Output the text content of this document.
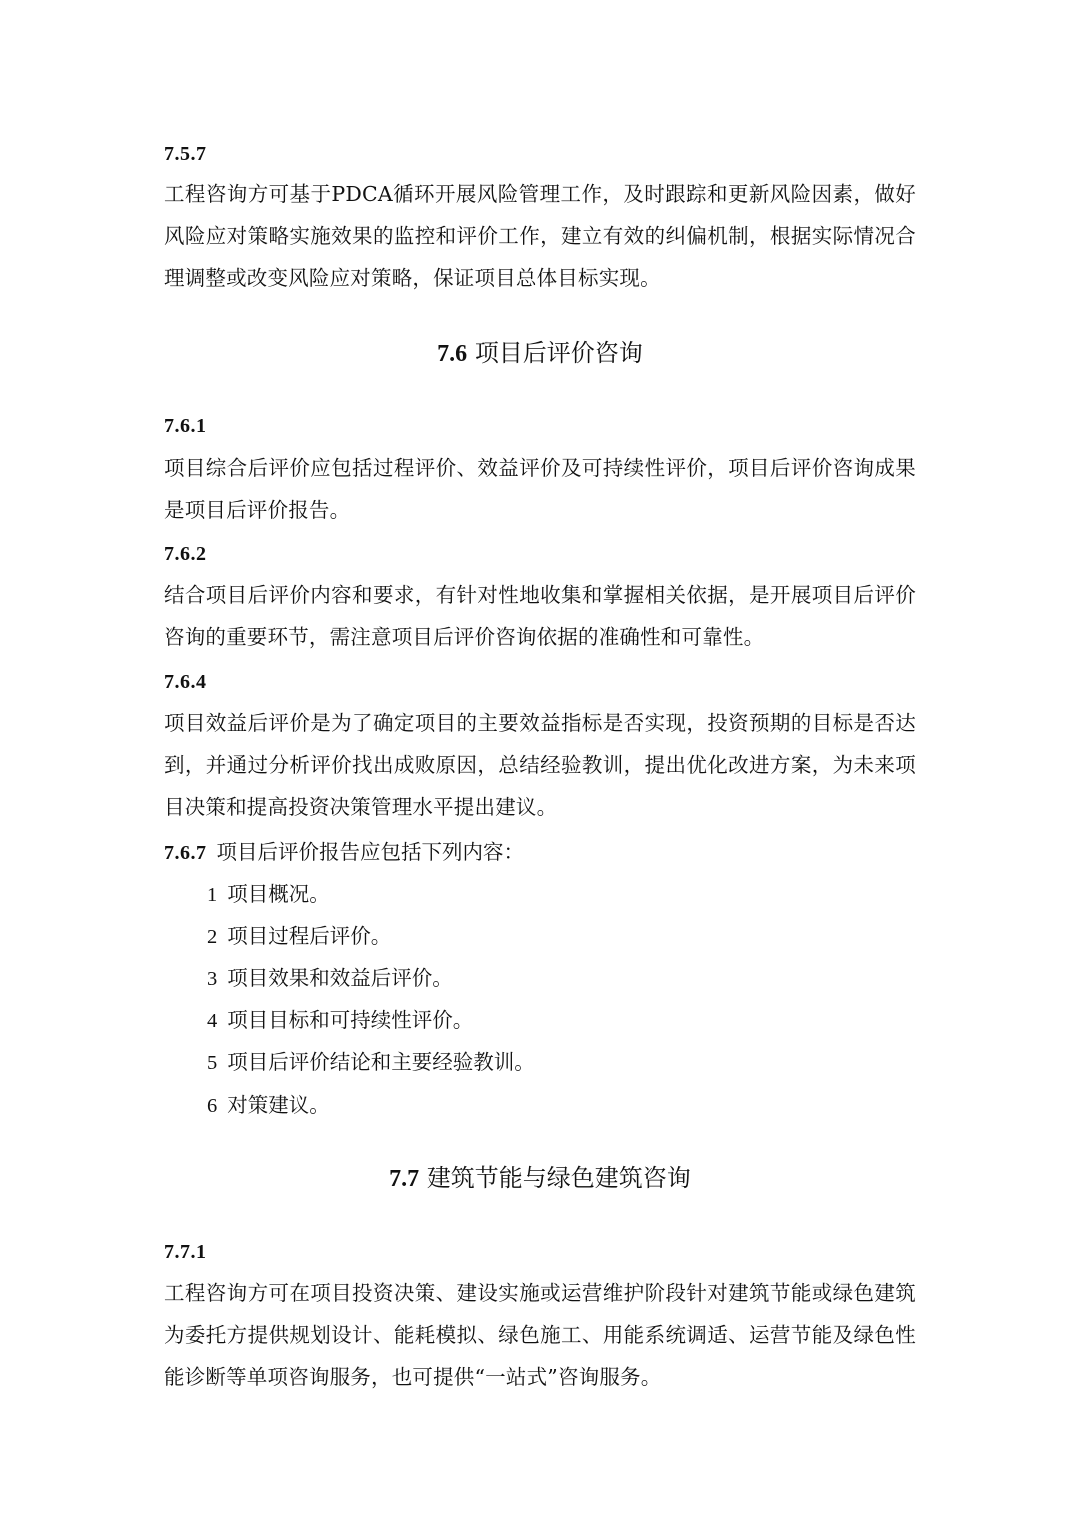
7.5.7
工程咨询方可基于PDCA循环开展风险管理工作，及时跟踪和更新风险因素，做好风险应对策略实施效果的监控和评价工作，建立有效的纠偏机制，根据实际情况合理调整或改变风险应对策略，保证项目总体目标实现。
7.6 项目后评价咨询
7.6.1
项目综合后评价应包括过程评价、效益评价及可持续性评价，项目后评价咨询成果是项目后评价报告。
7.6.2
结合项目后评价内容和要求，有针对性地收集和掌握相关依据，是开展项目后评价咨询的重要环节，需注意项目后评价咨询依据的准确性和可靠性。
7.6.4
项目效益后评价是为了确定项目的主要效益指标是否实现，投资预期的目标是否达到，并通过分析评价找出成败原因，总结经验教训，提出优化改进方案，为未来项目决策和提高投资决策管理水平提出建议。
7.6.7 项目后评价报告应包括下列内容：
1 项目概况。
2 项目过程后评价。
3 项目效果和效益后评价。
4 项目目标和可持续性评价。
5 项目后评价结论和主要经验教训。
6 对策建议。
7.7 建筑节能与绿色建筑咨询
7.7.1
工程咨询方可在项目投资决策、建设实施或运营维护阶段针对建筑节能或绿色建筑为委托方提供规划设计、能耗模拟、绿色施工、用能系统调适、运营节能及绿色性能诊断等单项咨询服务，也可提供“一站式”咨询服务。
